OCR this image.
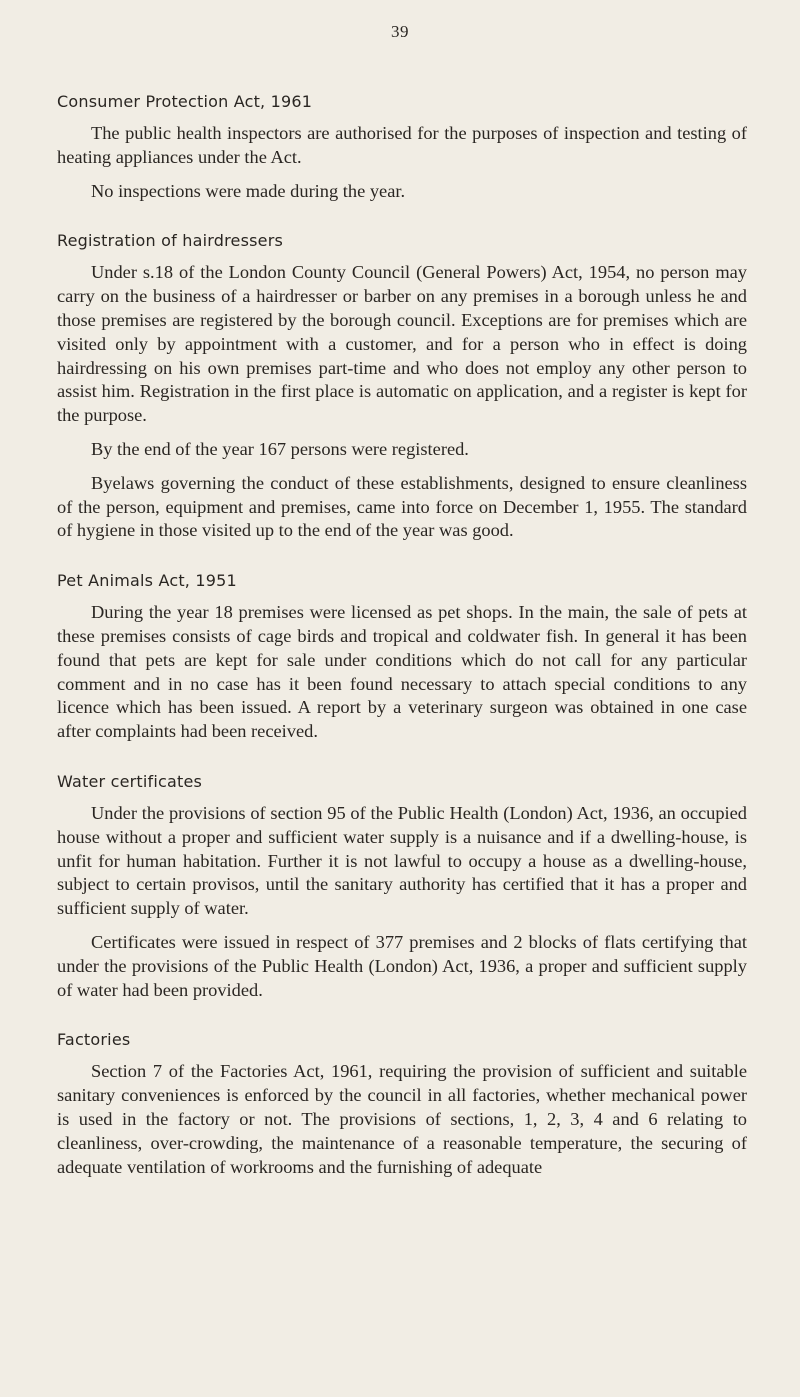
39
Consumer Protection Act, 1961

The public health inspectors are authorised for the purposes of inspection and testing of heating appliances under the Act.

No inspections were made during the year.

Registration of hairdressers

Under s.18 of the London County Council (General Powers) Act, 1954, no person may carry on the business of a hairdresser or barber on any premises in a borough unless he and those premises are registered by the borough council. Exceptions are for premises which are visited only by appointment with a customer, and for a person who in effect is doing hairdressing on his own premises part-time and who does not employ any other person to assist him. Registration in the first place is automatic on application, and a register is kept for the purpose.

By the end of the year 167 persons were registered.

Byelaws governing the conduct of these establishments, designed to ensure cleanliness of the person, equipment and premises, came into force on December 1, 1955. The standard of hygiene in those visited up to the end of the year was good.

Pet Animals Act, 1951

During the year 18 premises were licensed as pet shops. In the main, the sale of pets at these premises consists of cage birds and tropical and coldwater fish. In general it has been found that pets are kept for sale under conditions which do not call for any particular comment and in no case has it been found necessary to attach special conditions to any licence which has been issued. A report by a veterinary surgeon was obtained in one case after complaints had been received.

Water certificates

Under the provisions of section 95 of the Public Health (London) Act, 1936, an occupied house without a proper and sufficient water supply is a nuisance and if a dwelling-house, is unfit for human habitation. Further it is not lawful to occupy a house as a dwelling-house, subject to certain provisos, until the sanitary authority has certified that it has a proper and sufficient supply of water.

Certificates were issued in respect of 377 premises and 2 blocks of flats certifying that under the provisions of the Public Health (London) Act, 1936, a proper and sufficient supply of water had been provided.

Factories

Section 7 of the Factories Act, 1961, requiring the provision of sufficient and suitable sanitary conveniences is enforced by the council in all factories, whether mechanical power is used in the factory or not. The provisions of sections, 1, 2, 3, 4 and 6 relating to cleanliness, over-crowding, the maintenance of a reasonable temperature, the securing of adequate ventilation of workrooms and the furnishing of adequate
